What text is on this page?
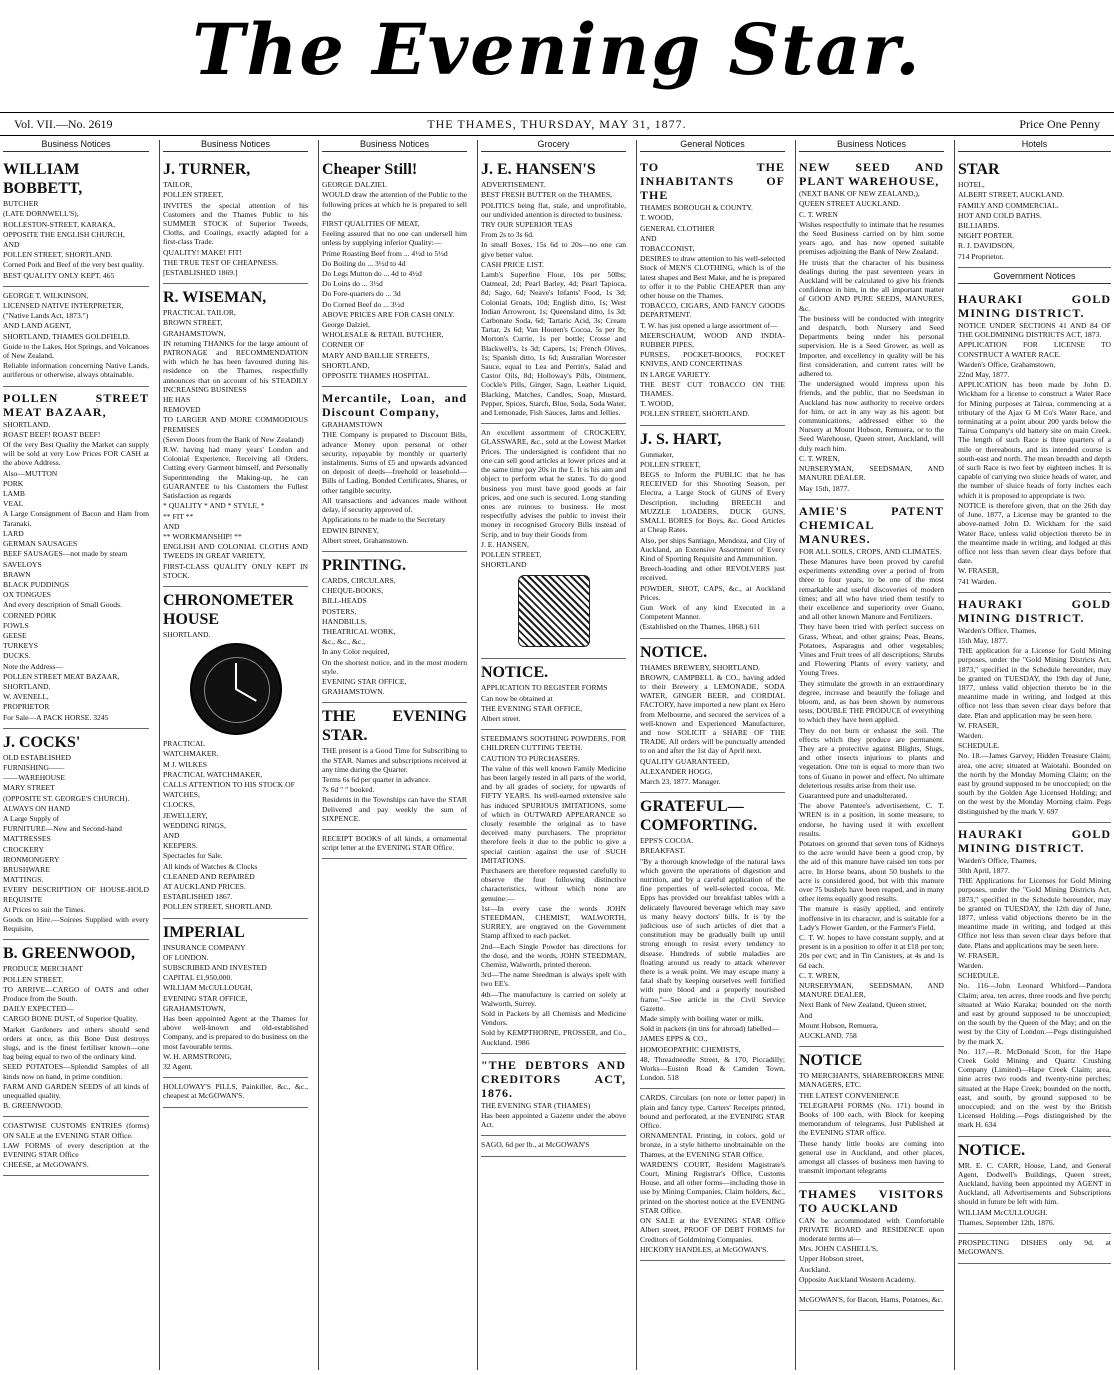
The Evening Star.
Vol. VII.—No. 2619	THE THAMES, THURSDAY, MAY 31, 1877.	Price One Penny
Business Notices

WILLIAM BOBBETT,

BUTCHER

(LATE DORNWELL'S),

ROLLESTON-STREET, KARAKA,

OPPOSITE THE ENGLISH CHURCH,

AND

POLLEN STREET, SHORTLAND.

Corned Pork and Beef of the very best quality.

BEST QUALITY ONLY KEPT. 465

GEORGE T. WILKINSON,

LICENSED NATIVE INTERPRETER,

("Native Lands Act, 1873.")

AND LAND AGENT,

SHORTLAND, THAMES GOLDFIELD.

Guide to the Lakes, Hot Springs, and Volcanoes of New Zealand.

Reliable information concerning Native Lands, auriferous or otherwise, always obtainable.

POLLEN STREET MEAT BAZAAR,

SHORTLAND.

ROAST BEEF! ROAST BEEF!

Of the very Best Quality the Market can supply will be sold at very Low Prices FOR CASH at the above Address.

Also—MUTTON

PORK

LAMB

VEAL

A Large Consignment of Bacon and Ham from Taranaki.

LARD

GERMAN SAUSAGES

BEEF SAUSAGES—not made by steam

SAVELOYS

BRAWN

BLACK PUDDINGS

OX TONGUES

And every description of Small Goods.

CORNED PORK

FOWLS

GEESE

TURKEYS

DUCKS.

Note the Address—

POLLEN STREET MEAT BAZAAR,

SHORTLAND.

W. AVENELL,

PROPRIETOR

For Sale—A PACK HORSE. 3245

J. COCKS'

OLD ESTABLISHED

FURNISHING——

——WAREHOUSE

MARY STREET

(OPPOSITE ST. GEORGE'S CHURCH).

ALWAYS ON HAND

A Large Supply of

FURNITURE—New and Second-hand

MATTRESSES

CROCKERY

IRONMONGERY

BRUSHWARE

MATTINGS.

EVERY DESCRIPTION OF HOUSE-HOLD REQUISITE

At Prices to suit the Times.

Goods on Hire.—Soirees Supplied with every Requisite,

B. GREENWOOD,

PRODUCE MERCHANT

POLLEN STREET.

TO ARRIVE—CARGO of OATS and other Produce from the South.

DAILY EXPECTED—

CARGO BONE DUST, of Superior Quality.

Market Gardeners and others should send orders at once, as this Bone Dust destroys slugs, and is the finest fertiliser known—one bag being equal to two of the ordinary kind.

SEED POTATOES—Splendid Samples of all kinds now on hand, in prime condition.

FARM AND GARDEN SEEDS of all kinds of unequalled quality.

B. GREENWOOD.

COASTWISE CUSTOMS ENTRIES (forms) ON SALE at the EVENING STAR Office.

LAW FORMS of every description at the EVENING STAR Office

CHEESE, at McGOWAN'S.

Business Notices

J. TURNER,

TAILOR,

POLLEN STREET,

INVITES the special attention of his Customers and the Thames Public to his SUMMER STOCK of Superior Tweeds, Cloths, and Coatings, exactly adapted for a first-class Trade.

QUALITY! MAKE! FIT!

THE TRUE TEST OF CHEAPNESS.

[ESTABLISHED 1869.]

R. WISEMAN,

PRACTICAL TAILOR,

BROWN STREET,

GRAHAMSTOWN,

IN returning THANKS for the large amount of PATRONAGE and RECOMMENDATION with which he has been favoured during his residence on the Thames, respectfully announces that on account of his STEADILY INCREASING BUSINESS

HE HAS

REMOVED

TO LARGER AND MORE COMMODIOUS PREMISES

(Seven Doors from the Bank of New Zealand)

R.W. having had many years' London and Colonial Experience. Receiving all Orders, Cutting every Garment himself, and Personally Superintending the Making-up, he can GUARANTEE to his Customers the Fullest Satisfaction as regards

* QUALITY * AND * STYLE, *

** FIT **

AND

** WORKMANSHIP! **

ENGLISH AND COLONIAL CLOTHS AND TWEEDS IN GREAT VARIETY,

FIRST-CLASS QUALITY ONLY KEPT IN STOCK.

CHRONOMETER HOUSE

SHORTLAND.

PRACTICAL

WATCHMAKER.

M J. WILKES

PRACTICAL WATCHMAKER,

CALLS ATTENTION TO HIS STOCK OF

WATCHES,

CLOCKS,

JEWELLERY,

WEDDING RINGS,

AND

KEEPERS.

Spectacles for Sale.

All kinds of Watches & Clocks

CLEANED AND REPAIRED

AT AUCKLAND PRICES.

ESTABLISHED 1867.

POLLEN STREET, SHORTLAND.

IMPERIAL

INSURANCE COMPANY

OF LONDON.

SUBSCRIBED AND INVESTED

CAPITAL £1,950,000.

WILLIAM McCULLOUGH,

EVENING STAR OFFICE,

GRAHAMSTOWN,

Has been appointed Agent at the Thames for above well-known and old-established Company, and is prepared to do business on the most favourable terms.

W. H. ARMSTRONG,

32 Agent.

HOLLOWAY'S PILLS, Painkiller, &c., &c., cheapest at McGOWAN'S.

Business Notices

Cheaper Still!

GEORGE DALZIEL

WOULD draw the attention of the Public to the following prices at which he is prepared to sell the

FIRST QUALITIES OF MEAT,

Feeling assured that no one can undersell him unless by supplying inferior Quality:—

Prime Roasting Beef from ... 4½d to 5½d

Do Boiling do ... 3½d to 4d

Do Legs Mutton do ... 4d to 4½d

Do Loins do ... 3½d

Do Fore-quarters do ... 3d

Do Corned Beef do ... 3½d

ABOVE PRICES ARE FOR CASH ONLY.

George Dalziel,

WHOLESALE & RETAIL BUTCHER,

CORNER OF

MARY AND BAILLIE STREETS,

SHORTLAND,

OPPOSITE THAMES HOSPITAL.

Mercantile, Loan, and Discount Company,

GRAHAMSTOWN

THE Company is prepared to Discount Bills, advance Money upon personal or other security, repayable by monthly or quarterly instalments. Sums of £5 and upwards advanced on deposit of deeds—freehold or leasehold—Bills of Lading, Bonded Certificates, Shares, or other tangible security.

All transactions and advances made without delay, if security approved of.

Applications to be made to the Secretary

EDWIN BINNEY,

Albert street, Grahamstown.

PRINTING.

CARDS, CIRCULARS,

CHEQUE-BOOKS,

BILL-HEADS

POSTERS,

HANDBILLS,

THEATRICAL WORK,

&c., &c., &c.,

In any Color required,

On the shortest notice, and in the most modern style.

EVENING STAR OFFICE,

GRAHAMSTOWN.

THE EVENING STAR.

THE present is a Good Time for Subscribing to the STAR. Names and subscriptions received at any time during the Quarter.

Terms 6s 6d per quarter in advance.

7s 6d " " booked.

Residents in the Townships can have the STAR Delivered and pay weekly the sum of SIXPENCE.

RECEIPT BOOKS of all kinds, a ornamental script letter at the EVENING STAR Office.

Grocery

J. E. HANSEN'S

ADVERTISEMENT.

BEST FRESH BUTTER on the THAMES,

POLITICS being flat, stale, and unprofitable, our undivided attention is directed to business.

TRY OUR SUPERIOR TEAS

From 2s to 3s 6d.

In small Boxes, 15s 6d to 20s—no one can give better value.

CASH PRICE LIST.

Lamb's Superfine Flour, 10s per 50lbs; Oatmeal, 2d; Pearl Barley, 4d; Pearl Tapioca, 8d; Sago, 6d; Neave's Infants' Food, 1s 3d; Colonial Groats, 10d; English ditto, 1s; West Indian Arrowroot, 1s; Queensland ditto, 1s 3d; Carbonate Soda, 6d; Tartaric Acid, 3s; Cream Tartar, 2s 6d; Van Houten's Cocoa, 5s per lb; Morton's Currie, 1s per bottle; Crosse and Blackwell's, 1s 3d; Capers, 1s; French Olives, 1s; Spanish ditto, 1s 6d; Australian Worcester Sauce, equal to Lea and Perrin's, Salad and Castor Oils, 8d; Holloway's Pills, Ointment, Cockle's Pills, Ginger, Sago, Leather Liquid, Blacking, Matches, Candles, Soap, Mustard, Pepper, Spices, Starch, Blue, Soda, Soda Water, and Lemonade, Fish Sauces, Jams and Jellies.

An excellent assortment of CROCKERY, GLASSWARE, &c., sold at the Lowest Market Prices. The undersigned is confident that no one can sell good articles at lower prices and at the same time pay 20s in the £. It is his aim and object to perform what he states. To do good business you must have good goods at fair prices, and one such is secured. Long standing ones are ruinous to business. He most respectfully advises the public to invest their money in recognised Grocery Bills instead of Scrip, and to buy their Goods from

J. E. HANSEN,

POLLEN STREET,

SHORTLAND

NOTICE.

APPLICATION TO REGISTER FORMS

Can now be obtained at

THE EVENING STAR OFFICE,

Albert street.

STEEDMAN'S SOOTHING POWDERS, FOR CHILDREN CUTTING TEETH.

CAUTION TO PURCHASERS.

The value of this well known Family Medicine has been largely tested in all parts of the world, and by all grades of society, for upwards of FIFTY YEARS. Its well-earned extensive sale has induced SPURIOUS IMITATIONS, some of which in OUTWARD APPEARANCE so closely resemble the original as to have deceived many purchasers. The proprietor therefore feels it due to the public to give a special caution against the use of SUCH IMITATIONS.

Purchasers are therefore requested carefully to observe the four following distinctive characteristics, without which none are genuine:—

1st—In every case the words JOHN STEEDMAN, CHEMIST, WALWORTH, SURREY, are engraved on the Government Stamp affixed to each packet.

2nd—Each Single Powder has directions for the dose, and the words, JOHN STEEDMAN, Chemist, Walworth, printed thereon.

3rd—The name Steedman is always spelt with two EE's.

4th—The manufacture is carried on solely at Walworth, Surrey.

Sold in Packets by all Chemists and Medicine Vendors.

Sold by KEMPTHORNE, PROSSER, and Co., Auckland. 1986

"THE DEBTORS AND CREDITORS ACT, 1876.

THE EVENING STAR (THAMES)

Has been appointed a Gazette under the above Act.

SAGO, 6d per lb., at McGOWAN'S

General Notices

TO THE INHABITANTS OF THE

THAMES BOROUGH & COUNTY.

T. WOOD,

GENERAL CLOTHIER

AND

TOBACCONIST,

DESIRES to draw attention to his well-selected Stock of MEN'S CLOTHING, which is of the latest shapes and Best Make, and he is prepared to offer it to the Public CHEAPER than any other house on the Thames.

TOBACCO, CIGARS, AND FANCY GOODS DEPARTMENT.

T. W. has just opened a large assortment of—

MEERSCHAUM, WOOD AND INDIA-RUBBER PIPES,

PURSES, POCKET-BOOKS, POCKET KNIVES, AND CONCERTINAS

IN LARGE VARIETY.

THE BEST CUT TOBACCO ON THE THAMES.

T. WOOD,

POLLEN STREET, SHORTLAND.

J. S. HART,

Gunmaker,

POLLEN STREET,

BEGS to Inform the PUBLIC that he has RECEIVED for this Shooting Season, per Electra, a Large Stock of GUNS of Every Description, including BREECH and MUZZLE LOADERS, DUCK GUNS, SMALL BORES for Boys, &c. Good Articles at Cheap Rates.

Also, per ships Santiago, Mendoza, and City of Auckland, an Extensive Assortment of Every Kind of Sporting Requisite and Ammunition.

Breech-loading and other REVOLVERS just received.

POWDER, SHOT, CAPS, &c., at Auckland Prices.

Gun Work of any kind Executed in a Competent Manner.

(Established on the Thames, 1868.) 611

NOTICE.

THAMES BREWERY, SHORTLAND.

BROWN, CAMPBELL & CO., having added to their Brewery a LEMONADE, SODA WATER, GINGER BEER, and CORDIAL FACTORY, have imported a new plant ex Hero from Melbourne, and secured the services of a well-known and Experienced Manufacturer, and now SOLICIT a SHARE OF THE TRADE. All orders will be punctually attended to on and after the 1st day of April next.

QUALITY GUARANTEED,

ALEXANDER HOGG,

March 23, 1877. Manager.

GRATEFUL—COMFORTING.

EPPS'S COCOA.

BREAKFAST.

"By a thorough knowledge of the natural laws which govern the operations of digestion and nutrition, and by a careful application of the fine properties of well-selected cocoa, Mr. Epps has provided our breakfast tables with a delicately flavoured beverage which may save us many heavy doctors' bills. It is by the judicious use of such articles of diet that a constitution may be gradually built up until strong enough to resist every tendency to disease. Hundreds of subtle maladies are floating around us ready to attack wherever there is a weak point. We may escape many a fatal shaft by keeping ourselves well fortified with pure blood and a properly nourished frame."—See article in the Civil Service Gazette.

Made simply with boiling water or milk.

Sold in packets (in tins for abroad) labelled—

JAMES EPPS & CO.,

HOMOEOPATHIC CHEMISTS,

48, Threadneedle Street, & 170, Piccadilly; Works—Euston Road & Camden Town, London. 518

CARDS, Circulars (on note or letter paper) in plain and fancy type. Carters' Receipts printed, bound and perforated, at the EVENING STAR Office.

ORNAMENTAL Printing, in colors, gold or bronze, in a style hitherto unobtainable on the Thames, at the EVENING STAR Office.

WARDEN'S COURT, Resident Magistrate's Court, Mining Registrar's Office, Customs House, and all other forms—including those in use by Mining Companies, Claim holders, &c., printed on the shortest notice at the EVENING STAR Office.

ON SALE at the EVENING STAR Office Albert street, PROOF OF DEBT FORMS for Creditors of Goldmining Companies.

HICKORY HANDLES, at McGOWAN'S.

Business Notices

NEW SEED AND PLANT WAREHOUSE,

(NEXT BANK OF NEW ZEALAND,),

QUEEN STREET AUCKLAND.

C. T. WREN

Wishes respectfully to intimate that he resumes the Seed Business carried on by him some years ago, and has now opened suitable premises adjoining the Bank of New Zealand.

He trusts that the character of his business dealings during the past seventeen years in Auckland will be calculated to give his friends confidence in him, in the all important matter of GOOD AND PURE SEEDS, MANURES, &c.

The business will be conducted with integrity and despatch, both Nursery and Seed Departments being under his personal supervision. He is a Seed Grower, as well as Importer, and excellency in quality will be his first consideration, and current rates will be adhered to.

The undersigned would impress upon his friends, and the public, that no Seedsman in Auckland has now authority to receive orders for him, or act in any way as his agent: but communications, addressed either to the Nursery at Mount Hobson, Remuera, or to the Seed Warehouse, Queen street, Auckland, will duly reach him.

C. T. WREN,

NURSERYMAN, SEEDSMAN, AND MANURE DEALER.

May 15th, 1877.

AMIE'S PATENT CHEMICAL MANURES.

FOR ALL SOILS, CROPS, AND CLIMATES.

These Manures have been proved by careful experiments extending over a period of from three to four years, to be one of the most remarkable and useful discoveries of modern times; and all who have tried them testify to their excellence and superiority over Guano, and all other known Manure and Fertilizers.

They have been tried with perfect success on Grass, Wheat, and other grains; Peas, Beans, Potatoes, Asparagus and other vegetables; Vines and Fruit trees of all descriptions; Shrubs and Flowering Plants of every variety, and Young Trees.

They stimulate the growth in an extraordinary degree, increase and beautify the foliage and bloom, and, as has been shown by numerous tests, DOUBLE THE PRODUCE of everything to which they have been applied.

They do not burn or exhaust the soil. The effects which they produce are permanent. They are a protective against Blights, Slugs, and other insects injurious to plants and vegetation. One ton is equal to more than two tons of Guano in power and effect. No ultimate deleterious results arise from their use.

Guaranteed pure and unadulterated.

The above Patentee's advertisement, C. T. WREN is in a position, in some measure, to endorse, he having used it with excellent results.

Potatoes on ground that seven tons of Kidneys to the acre would have been a good crop, by the aid of this manure have raised ten tons per acre. In Horse beans, about 50 bushels to the acre is considered good, but with this manure over 75 bushels have been reaped, and in many other items equally good results.

The manure is easily applied, and entirely inoffensive in its character, and is suitable for a Lady's Flower Garden, or the Farmer's Field.

C. T. W. hopes to have constant supply, and at present is in a position to offer it at £18 per ton; 20s per cwt; and in Tin Canisters, at 4s and 1s 6d each.

C. T. WREN,

NURSERYMAN, SEEDSMAN, AND MANURE DEALER,

Next Bank of New Zealand, Queen street,

And

Mount Hobson, Remuera,

AUCKLAND. 758

NOTICE

TO MERCHANTS, SHAREBROKERS MINE MANAGERS, ETC.

THE LATEST CONVENIENCE

TELEGRAPH FORMS (No. 171) bound in Books of 100 each, with Block for keeping memorandum of telegrams, Just Published at the EVENING STAR office.

These handy little books are coming into general use in Auckland, and other places, amongst all classes of business men having to transmit important telegrams

THAMES VISITORS TO AUCKLAND

CAN be accommodated with Comfortable PRIVATE BOARD and RESIDENCE upon moderate terms at—

Mrs. JOHN CASHELL'S,

Upper Hobson street,

Auckland.

Opposite Auckland Western Academy.

McGOWAN'S, for Bacon, Hams, Potatoes, &c.

Hotels

STAR

HOTEL,

ALBERT STREET, AUCKLAND.

FAMILY AND COMMERCIAL.

HOT AND COLD BATHS.

BILLIARDS.

NIGHT PORTER.

R. J. DAVIDSON,

714 Proprietor.

Government Notices

HAURAKI GOLD MINING DISTRICT.

NOTICE UNDER SECTIONS 41 AND 84 OF THE GOLDMINING DISTRICTS ACT, 1873.

APPLICATION FOR LICENSE TO CONSTRUCT A WATER RACE.

Warden's Office, Grahamstown,

22nd May, 1877.

APPLICATION has been made by John D. Wickham for a license to construct a Water Race for Mining purposes at Tairua, commencing at a tributary of the Ajax G M Co's Water Race, and terminating at a point about 200 yards below the Tairua Company's old battery site on main Creek. The length of such Race is three quarters of a mile or thereabouts, and its intended course is south-east and north. The mean breadth and depth of such Race is two feet by eighteen inches. It is capable of carrying two sluice heads of water, and the number of sluice heads of forty inches each which it is proposed to appropriate is two.

NOTICE is therefore given, that on the 26th day of June, 1877, a License may be granted to the above-named John D. Wickham for the said Water Race, unless valid objection thereto be in the meantime made in writing, and lodged at this office not less than seven clear days before that date.

W. FRASER,

741 Warden.

HAURAKI GOLD MINING DISTRICT.

Warden's Office, Thames,

15th May, 1877.

THE application for a License for Gold Mining purposes, under the "Gold Mining Districts Act, 1873," specified in the Schedule hereunder, may be granted on TUESDAY, the 19th day of June, 1877, unless valid objection thereto be in the meantime made in writing, and lodged at this office not less than seven clear days before that date. Plan and application may be seen here.

W. FRASER,

Warden.

SCHEDULE.

No. 18.—James Garvey; Hidden Treasure Claim; area, one acre; situated at Waiotahi. Bounded on the north by the Monday Morning Claim; on the east by ground supposed to be unoccupied; on the south by the Golden Age Licensed Holding; and on the west by the Monday Morning claim. Pegs distinguished by the mark V. 697

HAURAKI GOLD MINING DISTRICT.

Warden's Office, Thames,

30th April, 1877.

THE Applications for Licenses for Gold Mining purposes, under the "Gold Mining Districts Act, 1873," specified in the Schedule hereunder, may be granted on TUESDAY, the 12th day of June, 1877, unless valid objections thereto be in the meantime made in writing, and lodged at this Office not less than seven clear days before that date. Plans and applications may be seen here.

W. FRASER,

Warden.

SCHEDULE.

No. 116—John Leonard Whitford—Pandora Claim; area, ten acres, three roods and five perch; situated at Waio Karaka; bounded on the north and east by ground supposed to be unoccupied; on the south by the Queen of the May; and on the west by the City of London.—Pegs distinguished by the mark X.

No. 117.—R. McDonald Scott, for the Hape Creek Gold Mining and Quartz Crushing Company (Limited)—Hape Creek Claim; area, nine acres two roods and twenty-nine perches; situated at the Hape Creek; bounded on the north, east, and south, by ground supposed to be unoccupied; and on the west by the British Licensed Holding.—Pegs distinguished by the mark H. 634

NOTICE.

MR. E. C. CARR, House, Land, and General Agent, Dodwell's Buildings, Queen street, Auckland, having been appointed my AGENT in Auckland, all Advertisements and Subscriptions should in future be left with him.

WILLIAM McCULLOUGH.

Thames, September 12th, 1876.

PROSPECTING DISHES only 9d, at McGOWAN'S.
